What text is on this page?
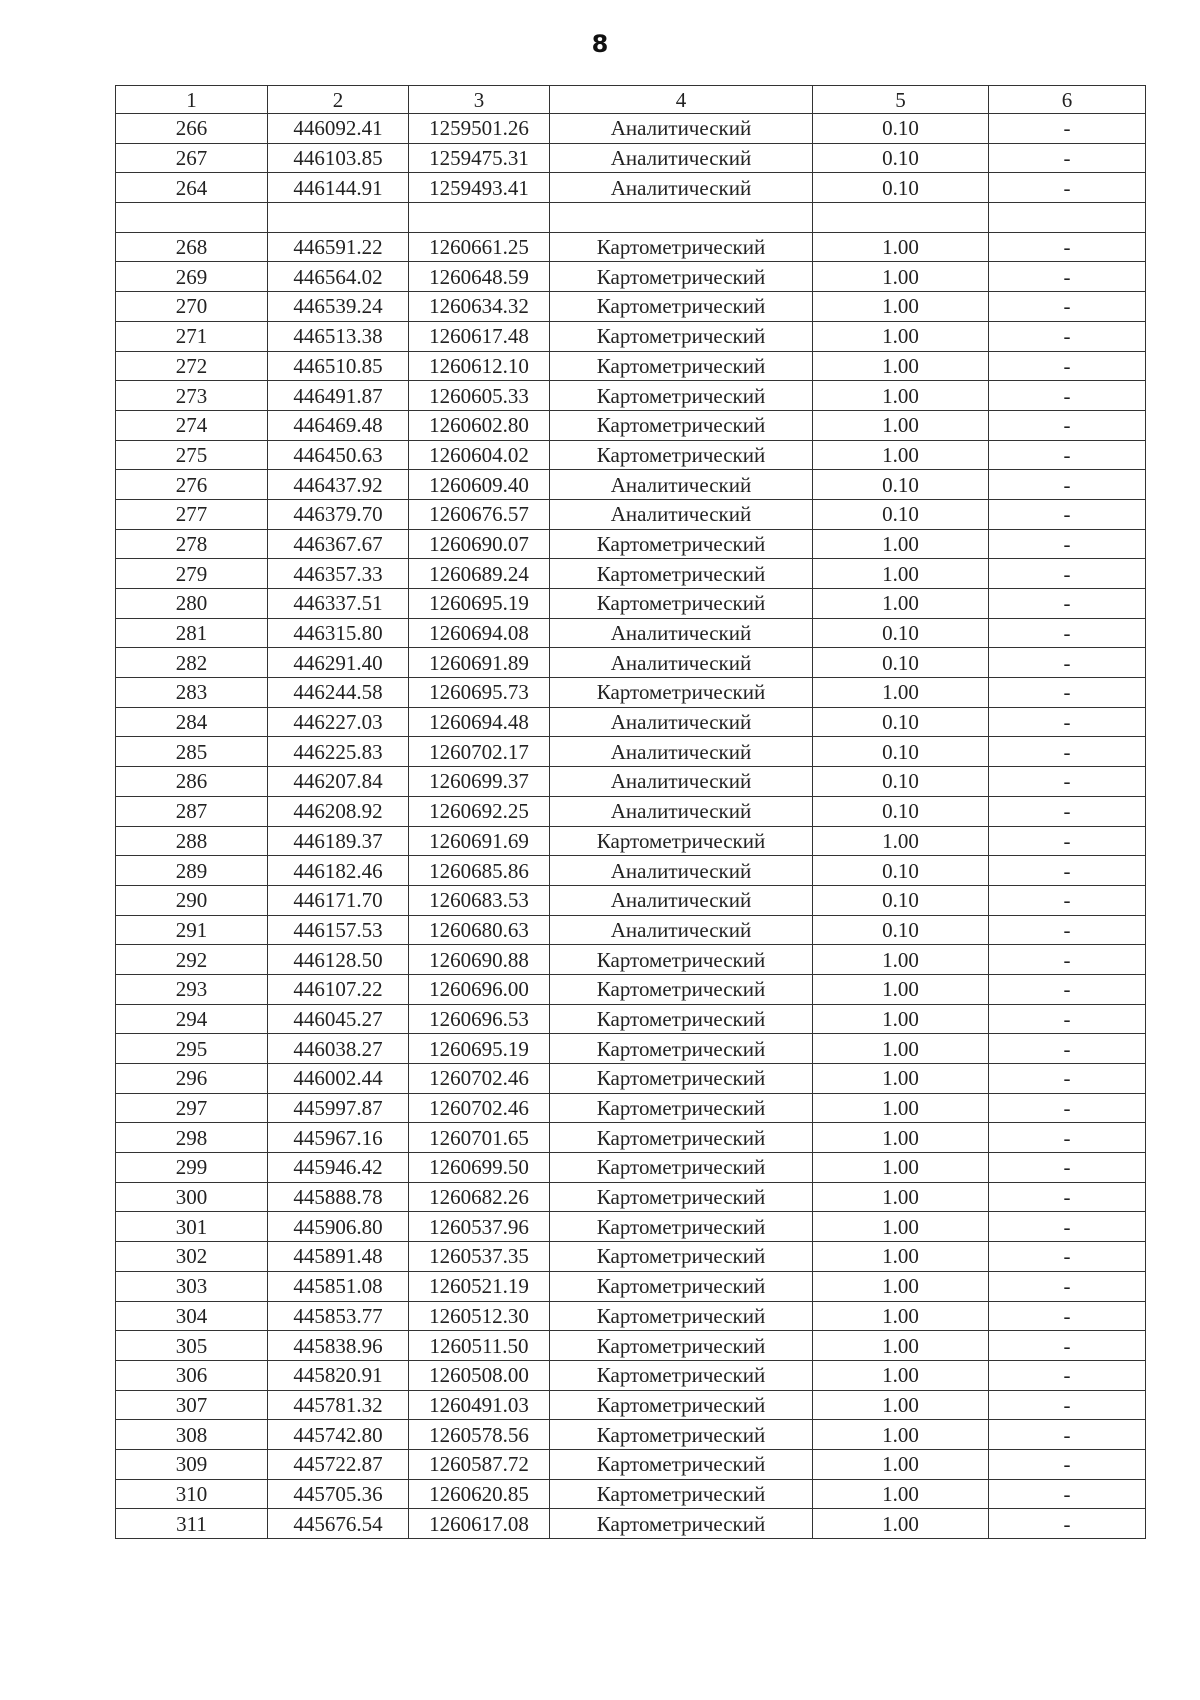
8
1	2	3	4	5	6
266	446092.41	1259501.26	Аналитический	0.10	-
267	446103.85	1259475.31	Аналитический	0.10	-
264	446144.91	1259493.41	Аналитический	0.10	-

268	446591.22	1260661.25	Картометрический	1.00	-
269	446564.02	1260648.59	Картометрический	1.00	-
270	446539.24	1260634.32	Картометрический	1.00	-
271	446513.38	1260617.48	Картометрический	1.00	-
272	446510.85	1260612.10	Картометрический	1.00	-
273	446491.87	1260605.33	Картометрический	1.00	-
274	446469.48	1260602.80	Картометрический	1.00	-
275	446450.63	1260604.02	Картометрический	1.00	-
276	446437.92	1260609.40	Аналитический	0.10	-
277	446379.70	1260676.57	Аналитический	0.10	-
278	446367.67	1260690.07	Картометрический	1.00	-
279	446357.33	1260689.24	Картометрический	1.00	-
280	446337.51	1260695.19	Картометрический	1.00	-
281	446315.80	1260694.08	Аналитический	0.10	-
282	446291.40	1260691.89	Аналитический	0.10	-
283	446244.58	1260695.73	Картометрический	1.00	-
284	446227.03	1260694.48	Аналитический	0.10	-
285	446225.83	1260702.17	Аналитический	0.10	-
286	446207.84	1260699.37	Аналитический	0.10	-
287	446208.92	1260692.25	Аналитический	0.10	-
288	446189.37	1260691.69	Картометрический	1.00	-
289	446182.46	1260685.86	Аналитический	0.10	-
290	446171.70	1260683.53	Аналитический	0.10	-
291	446157.53	1260680.63	Аналитический	0.10	-
292	446128.50	1260690.88	Картометрический	1.00	-
293	446107.22	1260696.00	Картометрический	1.00	-
294	446045.27	1260696.53	Картометрический	1.00	-
295	446038.27	1260695.19	Картометрический	1.00	-
296	446002.44	1260702.46	Картометрический	1.00	-
297	445997.87	1260702.46	Картометрический	1.00	-
298	445967.16	1260701.65	Картометрический	1.00	-
299	445946.42	1260699.50	Картометрический	1.00	-
300	445888.78	1260682.26	Картометрический	1.00	-
301	445906.80	1260537.96	Картометрический	1.00	-
302	445891.48	1260537.35	Картометрический	1.00	-
303	445851.08	1260521.19	Картометрический	1.00	-
304	445853.77	1260512.30	Картометрический	1.00	-
305	445838.96	1260511.50	Картометрический	1.00	-
306	445820.91	1260508.00	Картометрический	1.00	-
307	445781.32	1260491.03	Картометрический	1.00	-
308	445742.80	1260578.56	Картометрический	1.00	-
309	445722.87	1260587.72	Картометрический	1.00	-
310	445705.36	1260620.85	Картометрический	1.00	-
311	445676.54	1260617.08	Картометрический	1.00	-
